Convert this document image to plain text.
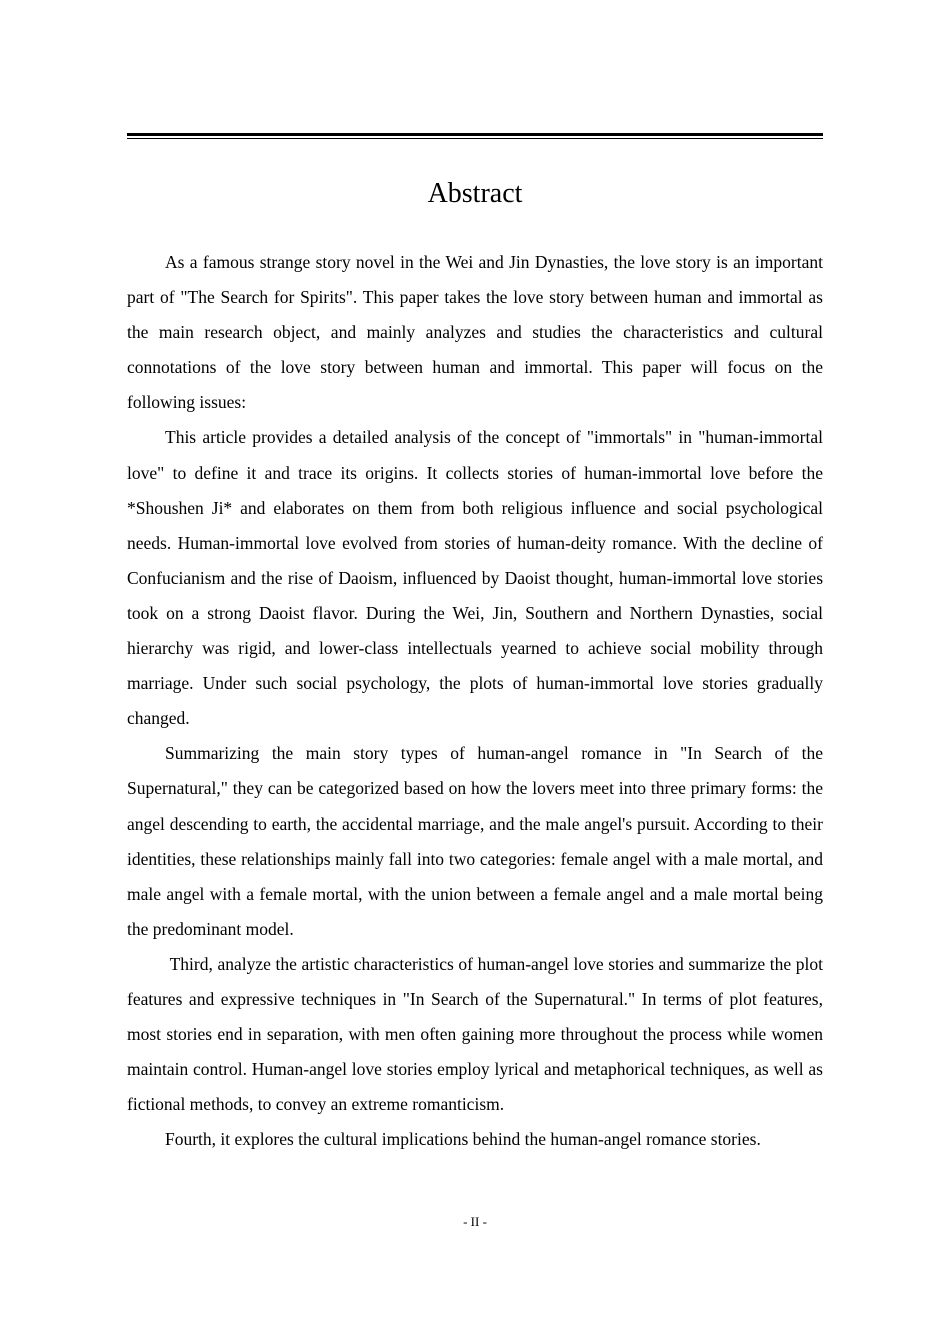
Abstract

As a famous strange story novel in the Wei and Jin Dynasties, the love story is an important part of "The Search for Spirits". This paper takes the love story between human and immortal as the main research object, and mainly analyzes and studies the characteristics and cultural connotations of the love story between human and immortal. This paper will focus on the following issues:

This article provides a detailed analysis of the concept of "immortals" in "human-immortal love" to define it and trace its origins. It collects stories of human-immortal love before the *Shoushen Ji* and elaborates on them from both religious influence and social psychological needs. Human-immortal love evolved from stories of human-deity romance. With the decline of Confucianism and the rise of Daoism, influenced by Daoist thought, human-immortal love stories took on a strong Daoist flavor. During the Wei, Jin, Southern and Northern Dynasties, social hierarchy was rigid, and lower-class intellectuals yearned to achieve social mobility through marriage. Under such social psychology, the plots of human-immortal love stories gradually changed.

Summarizing the main story types of human-angel romance in "In Search of the Supernatural," they can be categorized based on how the lovers meet into three primary forms: the angel descending to earth, the accidental marriage, and the male angel's pursuit. According to their identities, these relationships mainly fall into two categories: female angel with a male mortal, and male angel with a female mortal, with the union between a female angel and a male mortal being the predominant model.

Third, analyze the artistic characteristics of human-angel love stories and summarize the plot features and expressive techniques in "In Search of the Supernatural." In terms of plot features, most stories end in separation, with men often gaining more throughout the process while women maintain control. Human-angel love stories employ lyrical and metaphorical techniques, as well as fictional methods, to convey an extreme romanticism.

Fourth, it explores the cultural implications behind the human-angel romance stories.

- II -
